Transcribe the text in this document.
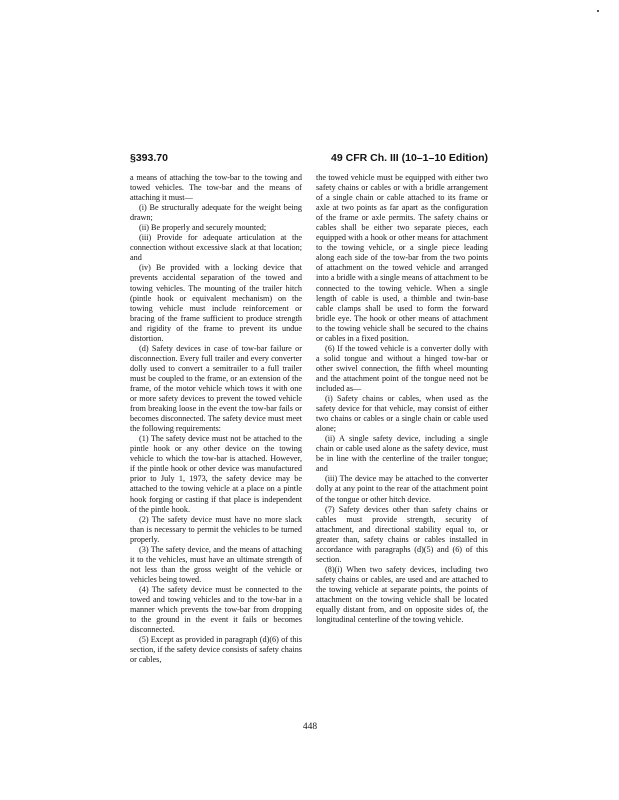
§393.70	49 CFR Ch. III (10–1–10 Edition)

a means of attaching the tow-bar to the towing and towed vehicles. The tow-bar and the means of attaching it must—

(i) Be structurally adequate for the weight being drawn;

(ii) Be properly and securely mounted;

(iii) Provide for adequate articulation at the connection without excessive slack at that location; and

(iv) Be provided with a locking device that prevents accidental separation of the towed and towing vehicles. The mounting of the trailer hitch (pintle hook or equivalent mechanism) on the towing vehicle must include reinforcement or bracing of the frame sufficient to produce strength and rigidity of the frame to prevent its undue distortion.

(d) Safety devices in case of tow-bar failure or disconnection. Every full trailer and every converter dolly used to convert a semitrailer to a full trailer must be coupled to the frame, or an extension of the frame, of the motor vehicle which tows it with one or more safety devices to prevent the towed vehicle from breaking loose in the event the tow-bar fails or becomes disconnected. The safety device must meet the following requirements:

(1) The safety device must not be attached to the pintle hook or any other device on the towing vehicle to which the tow-bar is attached. However, if the pintle hook or other device was manufactured prior to July 1, 1973, the safety device may be attached to the towing vehicle at a place on a pintle hook forging or casting if that place is independent of the pintle hook.

(2) The safety device must have no more slack than is necessary to permit the vehicles to be turned properly.

(3) The safety device, and the means of attaching it to the vehicles, must have an ultimate strength of not less than the gross weight of the vehicle or vehicles being towed.

(4) The safety device must be connected to the towed and towing vehicles and to the tow-bar in a manner which prevents the tow-bar from dropping to the ground in the event it fails or becomes disconnected.

(5) Except as provided in paragraph (d)(6) of this section, if the safety device consists of safety chains or cables,

the towed vehicle must be equipped with either two safety chains or cables or with a bridle arrangement of a single chain or cable attached to its frame or axle at two points as far apart as the configuration of the frame or axle permits. The safety chains or cables shall be either two separate pieces, each equipped with a hook or other means for attachment to the towing vehicle, or a single piece leading along each side of the tow-bar from the two points of attachment on the towed vehicle and arranged into a bridle with a single means of attachment to be connected to the towing vehicle. When a single length of cable is used, a thimble and twin-base cable clamps shall be used to form the forward bridle eye. The hook or other means of attachment to the towing vehicle shall be secured to the chains or cables in a fixed position.

(6) If the towed vehicle is a converter dolly with a solid tongue and without a hinged tow-bar or other swivel connection, the fifth wheel mounting and the attachment point of the tongue need not be included as—

(i) Safety chains or cables, when used as the safety device for that vehicle, may consist of either two chains or cables or a single chain or cable used alone;

(ii) A single safety device, including a single chain or cable used alone as the safety device, must be in line with the centerline of the trailer tongue; and

(iii) The device may be attached to the converter dolly at any point to the rear of the attachment point of the tongue or other hitch device.

(7) Safety devices other than safety chains or cables must provide strength, security of attachment, and directional stability equal to, or greater than, safety chains or cables installed in accordance with paragraphs (d)(5) and (6) of this section.

(8)(i) When two safety devices, including two safety chains or cables, are used and are attached to the towing vehicle at separate points, the points of attachment on the towing vehicle shall be located equally distant from, and on opposite sides of, the longitudinal centerline of the towing vehicle.

448
